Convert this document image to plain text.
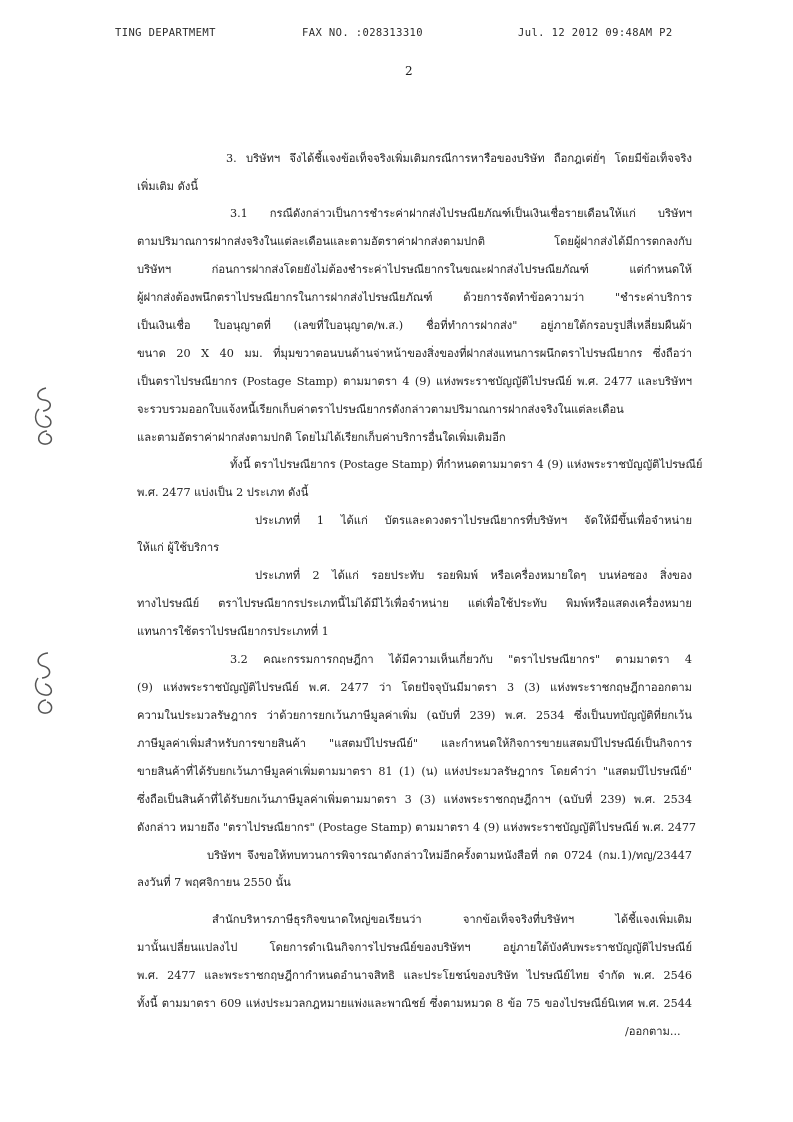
TING DEPARTMEMT	FAX NO. :028313310	Jul. 12 2012 09:48AM P2
2
3. บริษัทฯ จึงได้ชี้แจงข้อเท็จจริงเพิ่มเติมกรณีการหารือของบริษัท ถือกฎเต่ยั่ๆ โดยมีข้อเท็จจริง
เพิ่มเติม ดังนี้
3.1 กรณีดังกล่าวเป็นการชำระค่าฝากส่งไปรษณียภัณฑ์เป็นเงินเชื่อรายเดือนให้แก่ บริษัทฯ
ตามปริมาณการฝากส่งจริงในแต่ละเดือนและตามอัตราค่าฝากส่งตามปกติ โดยผู้ฝากส่งได้มีการตกลงกับ
บริษัทฯ ก่อนการฝากส่งโดยยังไม่ต้องชำระค่าไปรษณียากรในขณะฝากส่งไปรษณียภัณฑ์ แต่กำหนดให้
ผู้ฝากส่งต้องพนึกตราไปรษณียากรในการฝากส่งไปรษณียภัณฑ์ ด้วยการจัดทำข้อความว่า "ชำระค่าบริการ
เป็นเงินเชื่อ ใบอนุญาตที่ (เลขที่ใบอนุญาต/พ.ส.) ชื่อที่ทำการฝากส่ง" อยู่ภายใต้กรอบรูปสี่เหลี่ยมผืนผ้า
ขนาด 20 X 40 มม. ที่มุมขวาตอนบนด้านจ่าหน้าของสิ่งของที่ฝากส่งแทนการผนึกตราไปรษณียากร ซึ่งถือว่า
เป็นตราไปรษณียากร (Postage Stamp) ตามมาตรา 4 (9) แห่งพระราชบัญญัติไปรษณีย์ พ.ศ. 2477 และบริษัทฯ
จะรวบรวมออกใบแจ้งหนี้เรียกเก็บค่าตราไปรษณียากรดังกล่าวตามปริมาณการฝากส่งจริงในแต่ละเดือน
และตามอัตราค่าฝากส่งตามปกติ โดยไม่ได้เรียกเก็บค่าบริการอื่นใดเพิ่มเติมอีก
ทั้งนี้ ตราไปรษณียากร (Postage Stamp) ที่กำหนดตามมาตรา 4 (9) แห่งพระราชบัญญัติไปรษณีย์
พ.ศ. 2477 แบ่งเป็น 2 ประเภท ดังนี้
ประเภทที่ 1 ได้แก่ บัตรและดวงตราไปรษณียากรที่บริษัทฯ จัดให้มีขึ้นเพื่อจำหน่าย
ให้แก่ ผู้ใช้บริการ
ประเภทที่ 2 ได้แก่ รอยประทับ รอยพิมพ์ หรือเครื่องหมายใดๆ บนห่อซอง สิ่งของ
ทางไปรษณีย์ ตราไปรษณียากรประเภทนี้ไม่ได้มีไว้เพื่อจำหน่าย แต่เพื่อใช้ประทับ พิมพ์หรือแสดงเครื่องหมาย
แทนการใช้ตราไปรษณียากรประเภทที่ 1
3.2 คณะกรรมการกฤษฎีกา ได้มีความเห็นเกี่ยวกับ "ตราไปรษณียากร" ตามมาตรา 4
(9) แห่งพระราชบัญญัติไปรษณีย์ พ.ศ. 2477 ว่า โดยปัจจุบันมีมาตรา 3 (3) แห่งพระราชกฤษฎีกาออกตาม
ความในประมวลรัษฎากร ว่าด้วยการยกเว้นภาษีมูลค่าเพิ่ม (ฉบับที่ 239) พ.ศ. 2534 ซึ่งเป็นบทบัญญัติที่ยกเว้น
ภาษีมูลค่าเพิ่มสำหรับการขายสินค้า "แสตมป์ไปรษณีย์" และกำหนดให้กิจการขายแสตมป์ไปรษณีย์เป็นกิจการ
ขายสินค้าที่ได้รับยกเว้นภาษีมูลค่าเพิ่มตามมาตรา 81 (1) (น) แห่งประมวลรัษฎากร โดยคำว่า "แสตมป์ไปรษณีย์"
ซึ่งถือเป็นสินค้าที่ได้รับยกเว้นภาษีมูลค่าเพิ่มตามมาตรา 3 (3) แห่งพระราชกฤษฎีกาฯ (ฉบับที่ 239) พ.ศ. 2534
ดังกล่าว หมายถึง "ตราไปรษณียากร" (Postage Stamp) ตามมาตรา 4 (9) แห่งพระราชบัญญัติไปรษณีย์ พ.ศ. 2477
บริษัทฯ จึงขอให้ทบทวนการพิจารณาดังกล่าวใหม่อีกครั้งตามหนังสือที่ กต 0724 (กม.1)/ทญ/23447
ลงวันที่ 7 พฤศจิกายน 2550 นั้น
สำนักบริหารภาษีธุรกิจขนาดใหญ่ขอเรียนว่า จากข้อเท็จจริงที่บริษัทฯ ได้ชี้แจงเพิ่มเติม
มานั้นเปลี่ยนแปลงไป โดยการดำเนินกิจการไปรษณีย์ของบริษัทฯ อยู่ภายใต้บังคับพระราชบัญญัติไปรษณีย์
พ.ศ. 2477 และพระราชกฤษฎีกากำหนดอำนาจสิทธิ และประโยชน์ของบริษัท ไปรษณีย์ไทย จำกัด พ.ศ. 2546
ทั้งนี้ ตามมาตรา 609 แห่งประมวลกฎหมายแพ่งและพาณิชย์ ซึ่งตามหมวด 8 ข้อ 75 ของไปรษณีย์นิเทศ พ.ศ. 2544
/ออกตาม...
